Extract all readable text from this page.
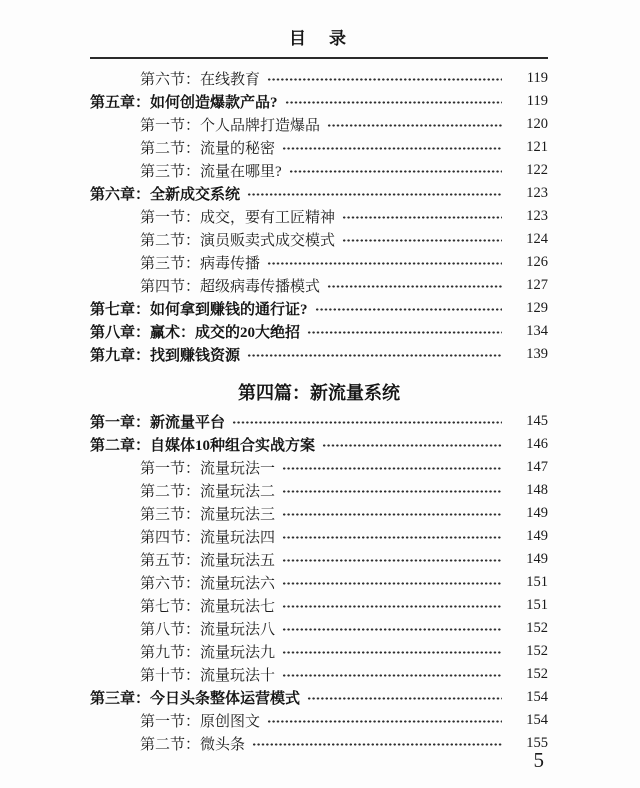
目　录
第六节：在线教育	119
第五章：如何创造爆款产品?	119
第一节：个人品牌打造爆品	120
第二节：流量的秘密	121
第三节：流量在哪里?	122
第六章：全新成交系统	123
第一节：成交，要有工匠精神	123
第二节：演员贩卖式成交模式	124
第三节：病毒传播	126
第四节：超级病毒传播模式	127
第七章：如何拿到赚钱的通行证?	129
第八章：赢术：成交的20大绝招	134
第九章：找到赚钱资源	139
第四篇：新流量系统
第一章：新流量平台	145
第二章：自媒体10种组合实战方案	146
第一节：流量玩法一	147
第二节：流量玩法二	148
第三节：流量玩法三	149
第四节：流量玩法四	149
第五节：流量玩法五	149
第六节：流量玩法六	151
第七节：流量玩法七	151
第八节：流量玩法八	152
第九节：流量玩法九	152
第十节：流量玩法十	152
第三章：今日头条整体运营模式	154
第一节：原创图文	154
第二节：微头条	155
5
